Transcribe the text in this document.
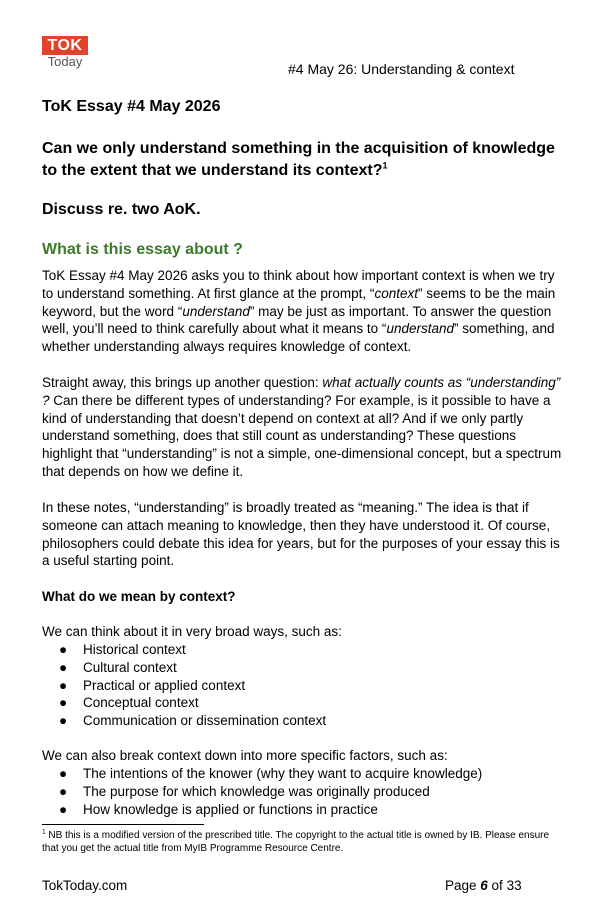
TOK
Today	#4 May 26: Understanding & context
ToK Essay #4 May 2026
Can we only understand something in the acquisition of knowledge to the extent that we understand its context?$^1$
Discuss re. two AoK.
What is this essay about ?

ToK Essay #4 May 2026 asks you to think about how important context is when we try to understand something. At first glance at the prompt, “context” seems to be the main keyword, but the word “understand” may be just as important. To answer the question well, you’ll need to think carefully about what it means to “understand” something, and whether understanding always requires knowledge of context.

Straight away, this brings up another question: what actually counts as “understanding” ? Can there be different types of understanding? For example, is it possible to have a kind of understanding that doesn’t depend on context at all? And if we only partly understand something, does that still count as understanding? These questions highlight that “understanding” is not a simple, one-dimensional concept, but a spectrum that depends on how we define it.

In these notes, “understanding” is broadly treated as “meaning.” The idea is that if someone can attach meaning to knowledge, then they have understood it. Of course, philosophers could debate this idea for years, but for the purposes of your essay this is a useful starting point.

What do we mean by context?

We can think about it in very broad ways, such as:

● Historical context
● Cultural context
● Practical or applied context
● Conceptual context
● Communication or dissemination context

We can also break context down into more specific factors, such as:

● The intentions of the knower (why they want to acquire knowledge)
● The purpose for which knowledge was originally produced
● How knowledge is applied or functions in practice
$^1$ NB this is a modified version of the prescribed title. The copyright to the actual title is owned by IB. Please ensure that you get the actual title from MyIB Programme Resource Centre.
TokToday.com	Page 6 of 33
